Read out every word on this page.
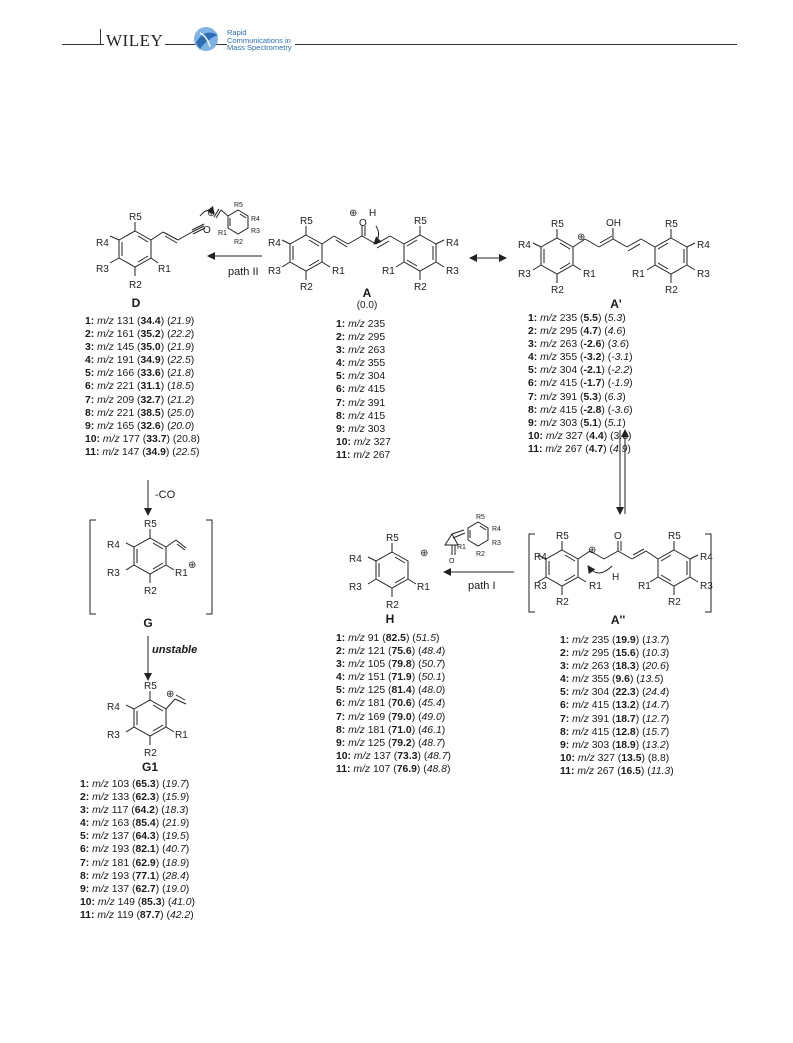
WILEY	Rapid
Communications in
Mass Spectrometry
R5
R4
R3	R1
R2
O
⊕
R5
R4
R3
R1
R2
R5
R4
R3	R1
R2
O
⊕ H
R5
R4
R3
R1
R2
R5
R4
R3	R1
R2
⊕
OH	R5
R4
R3
R1
R2
R5
R4
R3	R1
R2
⊕
R5
R4
R3	R1
R2
⊕
R5
R4
R3	R1
R2
⊕
O
R5
R4
R3
R1
R2
R5
R4
R3	R1
R2
⊕
O
H
R5
R4
R3
R1
R2
path II
path I
-CO
unstable
D
A
(0.0)	A'
G	H	A''
G1
1: m/z 131 (34.4) (21.9)
2: m/z 161 (35.2) (22.2)
3: m/z 145 (35.0) (21.9)
4: m/z 191 (34.9) (22.5)
5: m/z 166 (33.6) (21.8)
6: m/z 221 (31.1) (18.5)
7: m/z 209 (32.7) (21.2)
8: m/z 221 (38.5) (25.0)
9: m/z 165 (32.6) (20.0)
10: m/z 177 (33.7) (20.8)
11: m/z 147 (34.9) (22.5)
1: m/z 235
2: m/z 295
3: m/z 263
4: m/z 355
5: m/z 304
6: m/z 415
7: m/z 391
8: m/z 415
9: m/z 303
10: m/z 327
11: m/z 267
1: m/z 235 (5.5) (5.3)
2: m/z 295 (4.7) (4.6)
3: m/z 263 (-2.6) (3.6)
4: m/z 355 (-3.2) (-3.1)
5: m/z 304 (-2.1) (-2.2)
6: m/z 415 (-1.7) (-1.9)
7: m/z 391 (5.3) (6.3)
8: m/z 415 (-2.8) (-3.6)
9: m/z 303 (5.1) (5.1)
10: m/z 327 (4.4) (3.8)
11: m/z 267 (4.7) (4.9)
1: m/z 91 (82.5) (51.5)
2: m/z 121 (75.6) (48.4)
3: m/z 105 (79.8) (50.7)
4: m/z 151 (71.9) (50.1)
5: m/z 125 (81.4) (48.0)
6: m/z 181 (70.6) (45.4)
7: m/z 169 (79.0) (49.0)
8: m/z 181 (71.0) (46.1)
9: m/z 125 (79.2) (48.7)
10: m/z 137 (73.3) (48.7)
11: m/z 107 (76.9) (48.8)
1: m/z 235 (19.9) (13.7)
2: m/z 295 (15.6) (10.3)
3: m/z 263 (18.3) (20.6)
4: m/z 355 (9.6) (13.5)
5: m/z 304 (22.3) (24.4)
6: m/z 415 (13.2) (14.7)
7: m/z 391 (18.7) (12.7)
8: m/z 415 (12.8) (15.7)
9: m/z 303 (18.9) (13.2)
10: m/z 327 (13.5) (8.8)
11: m/z 267 (16.5) (11.3)
1: m/z 103 (65.3) (19.7)
2: m/z 133 (62.3) (15.9)
3: m/z 117 (64.2) (18.3)
4: m/z 163 (85.4) (21.9)
5: m/z 137 (64.3) (19.5)
6: m/z 193 (82.1) (40.7)
7: m/z 181 (62.9) (18.9)
8: m/z 193 (77.1) (28.4)
9: m/z 137 (62.7) (19.0)
10: m/z 149 (85.3) (41.0)
11: m/z 119 (87.7) (42.2)
